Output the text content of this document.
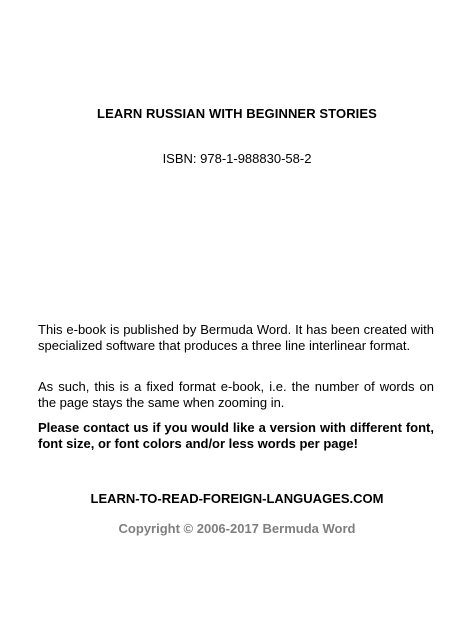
LEARN RUSSIAN WITH BEGINNER STORIES
ISBN: 978-1-988830-58-2

This e-book is published by Bermuda Word. It has been created with specialized software that produces a three line interlinear format.

As such, this is a fixed format e-book, i.e. the number of words on the page stays the same when zooming in.

Please contact us if you would like a version with different font, font size, or font colors and/or less words per page!

LEARN-TO-READ-FOREIGN-LANGUAGES.COM
Copyright © 2006-2017 Bermuda Word
